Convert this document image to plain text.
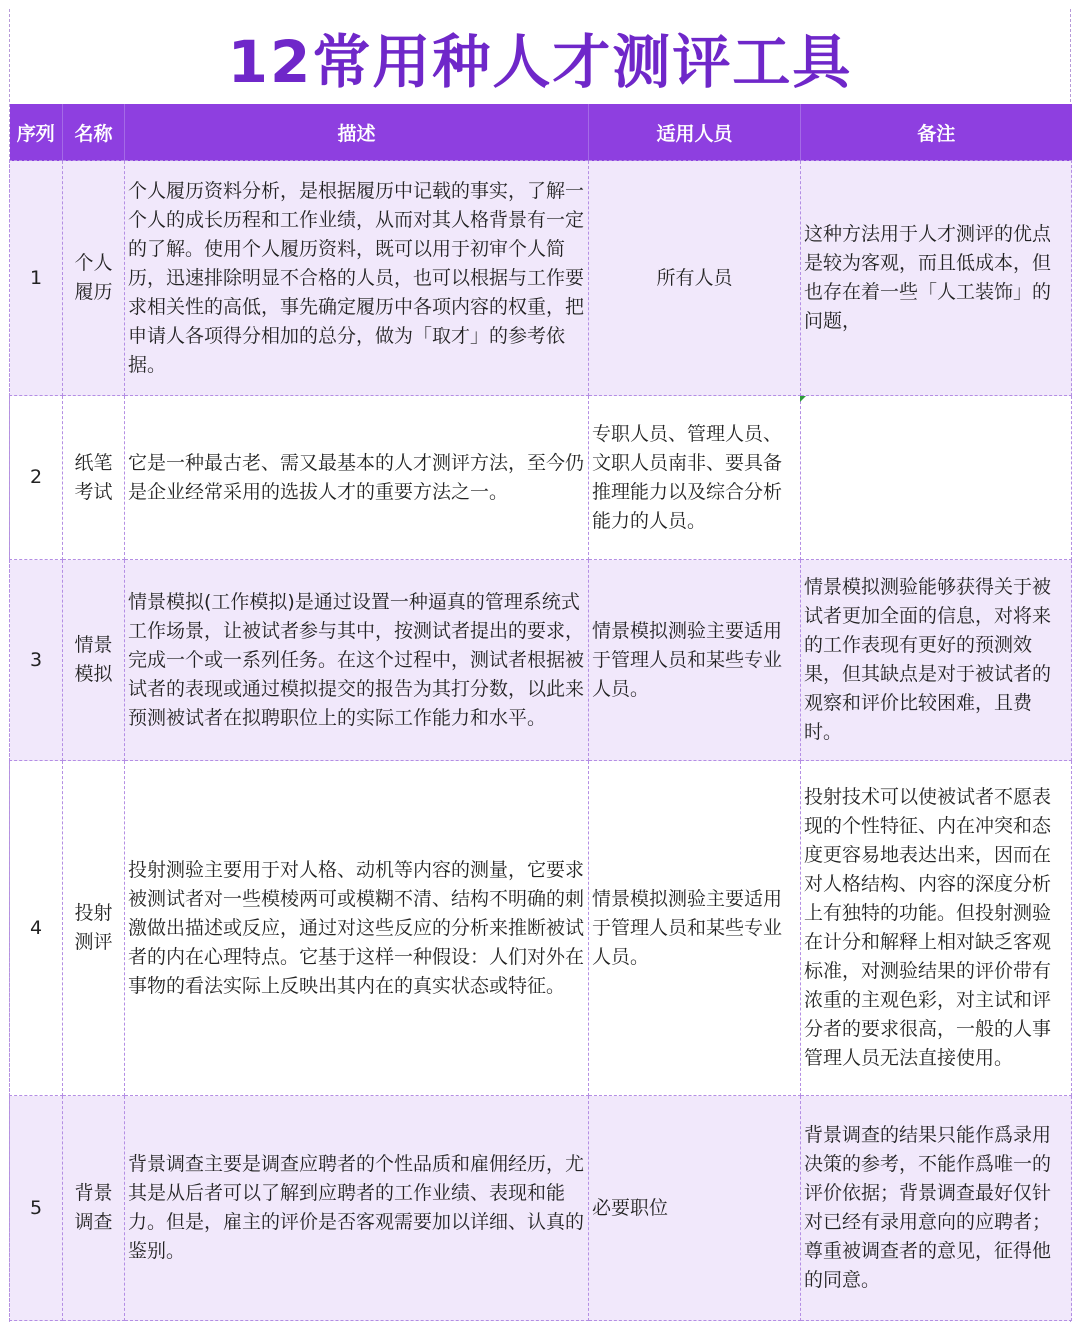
12常用种人才测评工具
序列	名称	描述	适用人员	备注
1	个人履历	个人履历资料分析，是根据履历中记载的事实，了解一个人的成长历程和工作业绩，从而对其人格背景有一定的了解。使用个人履历资料，既可以用于初审个人简历，迅速排除明显不合格的人员，也可以根据与工作要求相关性的高低，事先确定履历中各项内容的权重，把申请人各项得分相加的总分，做为「取才」的参考依据。	所有人员	这种方法用于人才测评的优点是较为客观，而且低成本，但也存在着一些「人工装饰」的问题，
2	纸笔考试	它是一种最古老、需又最基本的人才测评方法，至今仍是企业经常采用的选拔人才的重要方法之一。	专职人员、管理人员、文职人员南非、要具备推理能力以及综合分析能力的人员。	
3	情景模拟	情景模拟(工作模拟)是通过设置一种逼真的管理系统式工作场景，让被试者参与其中，按测试者提出的要求，完成一个或一系列任务。在这个过程中，测试者根据被试者的表现或通过模拟提交的报告为其打分数，以此来预测被试者在拟聘职位上的实际工作能力和水平。	情景模拟测验主要适用于管理人员和某些专业人员。	情景模拟测验能够获得关于被试者更加全面的信息，对将来的工作表现有更好的预测效果，但其缺点是对于被试者的观察和评价比较困难，且费时。
4	投射测评	投射测验主要用于对人格、动机等内容的测量，它要求被测试者对一些模棱两可或模糊不清、结构不明确的刺激做出描述或反应，通过对这些反应的分析来推断被试者的内在心理特点。它基于这样一种假设：人们对外在事物的看法实际上反映出其内在的真实状态或特征。	情景模拟测验主要适用于管理人员和某些专业人员。	投射技术可以使被试者不愿表现的个性特征、内在冲突和态度更容易地表达出来，因而在对人格结构、内容的深度分析上有独特的功能。但投射测验在计分和解释上相对缺乏客观标准，对测验结果的评价带有浓重的主观色彩，对主试和评分者的要求很高，一般的人事管理人员无法直接使用。
5	背景调查	背景调查主要是调查应聘者的个性品质和雇佣经历，尤其是从后者可以了解到应聘者的工作业绩、表现和能力。但是，雇主的评价是否客观需要加以详细、认真的鉴别。	必要职位	背景调查的结果只能作爲录用决策的参考，不能作爲唯一的评价依据；背景调查最好仅针对已经有录用意向的应聘者；尊重被调查者的意见，征得他的同意。
